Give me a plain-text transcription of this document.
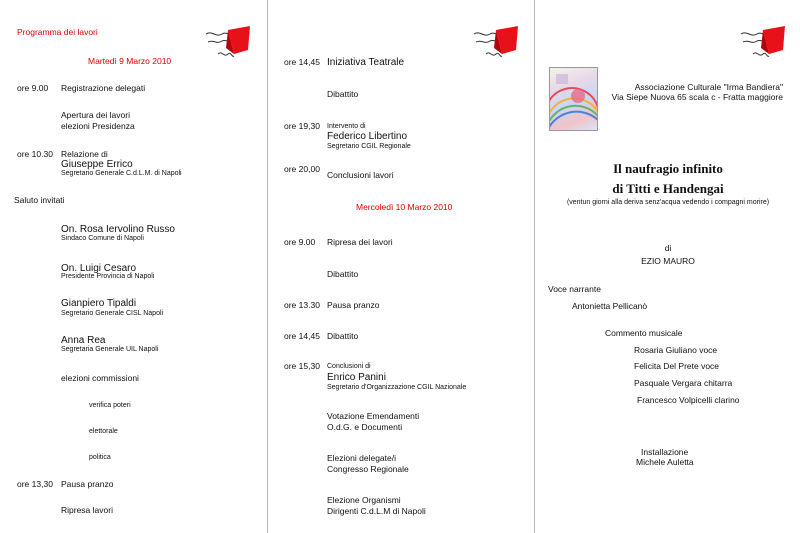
Programma dei lavori
Martedì 9 Marzo 2010
ore 9.00 Registrazione delegati
Apertura dei lavori
elezioni Presidenza
ore 10.30 Relazione di
Giuseppe Errico
Segretario Generale C.d.L.M. di Napoli
Saluto invitati
On. Rosa Iervolino Russo
Sindaco Comune di Napoli
On. Luigi Cesaro
Presidente Provincia di Napoli
Gianpiero Tipaldi
Segretario Generale CISL Napoli
Anna Rea
Segretaria Generale UIL Napoli
elezioni commissioni
verifica poteri
elettorale
politica
ore 13,30 Pausa pranzo
Ripresa lavori
ore 14,45 Iniziativa Teatrale
Dibattito
ore 19,30 Intervento di
Federico Libertino
Segretario CGIL Regionale
ore 20,00
Conclusioni lavori
Mercoledì 10 Marzo 2010
ore 9.00 Ripresa dei lavori
Dibattito
ore 13.30 Pausa pranzo
ore 14,45 Dibattito
ore 15,30 Conclusioni di
Enrico Panini
Segretario d'Organizzazione CGIL Nazionale
Votazione Emendamenti
O.d.G. e Documenti
Elezioni delegate/i
Congresso Regionale
Elezione Organismi
Dirigenti C.d.L.M di Napoli
Associazione Culturale "Irma Bandiera"
Via Siepe Nuova 65 scala c - Fratta maggiore
Il naufragio infinito
di Titti e Handengai
(ventun giorni alla deriva senz'acqua vedendo i compagni morire)
di
EZIO MAURO
Voce narrante
Antonietta Pellicanò
Commento musicale
Rosaria Giuliano voce
Felicita Del Prete voce
Pasquale Vergara chitarra
Francesco Volpicelli clarino
Installazione
Michele Auletta
